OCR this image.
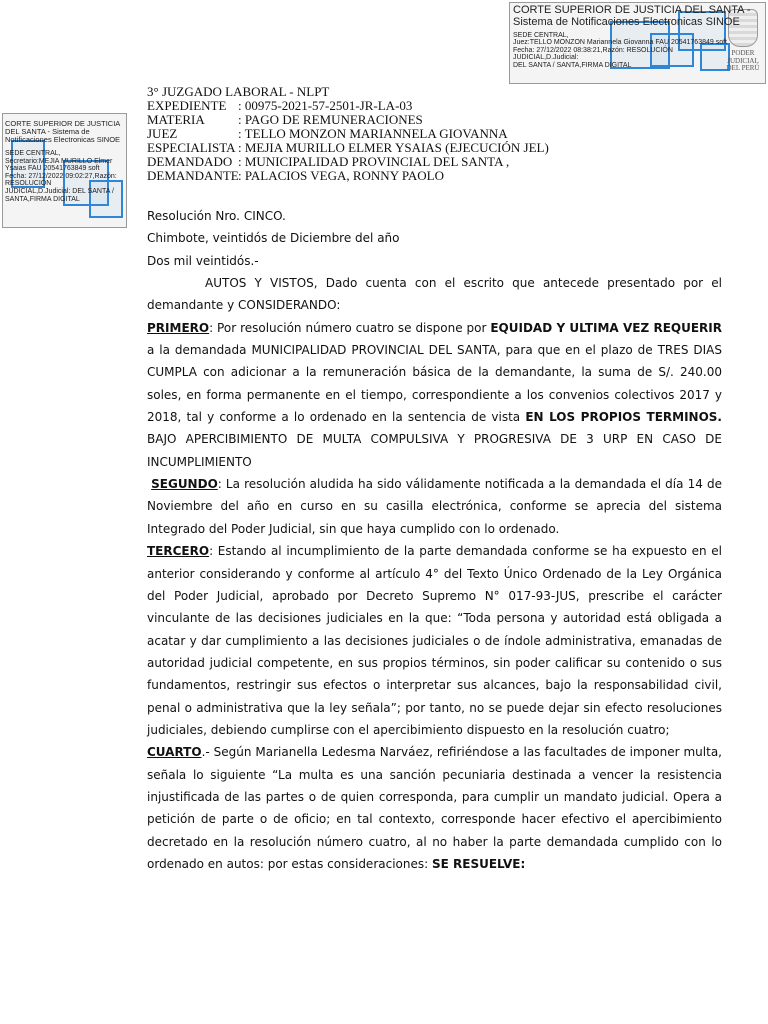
PODER JUDICIAL
DEL PERÚ
CORTE SUPERIOR DE JUSTICIA DEL SANTA -
Sistema de Notificaciones Electronicas SINOE
SEDE CENTRAL,
Juez:TELLO MONZON Mariannela Giovanna FAU 20541763849 soft
Fecha: 27/12/2022 08:38:21,Razón: RESOLUCIÓN JUDICIAL,D.Judicial:
DEL SANTA / SANTA,FIRMA DIGITAL
CORTE SUPERIOR DE JUSTICIA
DEL SANTA - Sistema de
Notificaciones Electronicas SINOE
SEDE CENTRAL,
Secretario:MEJIA MURILLO Elmer
Ysaias FAU 20541763849 soft
Fecha: 27/12/2022 09:02:27,Razón:
RESOLUCIÓN
JUDICIAL,D.Judicial: DEL SANTA /
SANTA,FIRMA DIGITAL
3° JUZGADO LABORAL - NLPT
EXPEDIENTE : 00975-2021-57-2501-JR-LA-03
MATERIA	: PAGO DE REMUNERACIONES
JUEZ	: TELLO MONZON MARIANNELA GIOVANNA
ESPECIALISTA : MEJIA MURILLO ELMER YSAIAS (EJECUCIÓN JEL)
DEMANDADO : MUNICIPALIDAD PROVINCIAL DEL SANTA ,
DEMANDANTE : PALACIOS VEGA, RONNY PAOLO

Resolución Nro. CINCO.

Chimbote, veintidós de Diciembre del año

Dos mil veintidós.-

AUTOS Y VISTOS, Dado cuenta con el escrito que antecede presentado por el demandante y CONSIDERANDO:

PRIMERO: Por resolución número cuatro se dispone por EQUIDAD Y ULTIMA VEZ REQUERIR a la demandada MUNICIPALIDAD PROVINCIAL DEL SANTA, para que en el plazo de TRES DIAS CUMPLA con adicionar a la remuneración básica de la demandante, la suma de S/. 240.00 soles, en forma permanente en el tiempo, correspondiente a los convenios colectivos 2017 y 2018, tal y conforme a lo ordenado en la sentencia de vista EN LOS PROPIOS TERMINOS. BAJO APERCIBIMIENTO DE MULTA COMPULSIVA Y PROGRESIVA DE 3 URP EN CASO DE INCUMPLIMIENTO

SEGUNDO: La resolución aludida ha sido válidamente notificada a la demandada el día 14 de Noviembre del año en curso en su casilla electrónica, conforme se aprecia del sistema Integrado del Poder Judicial, sin que haya cumplido con lo ordenado.

TERCERO: Estando al incumplimiento de la parte demandada conforme se ha expuesto en el anterior considerando y conforme al artículo 4° del Texto Único Ordenado de la Ley Orgánica del Poder Judicial, aprobado por Decreto Supremo N° 017-93-JUS, prescribe el carácter vinculante de las decisiones judiciales en la que: “Toda persona y autoridad está obligada a acatar y dar cumplimiento a las decisiones judiciales o de índole administrativa, emanadas de autoridad judicial competente, en sus propios términos, sin poder calificar su contenido o sus fundamentos, restringir sus efectos o interpretar sus alcances, bajo la responsabilidad civil, penal o administrativa que la ley señala”; por tanto, no se puede dejar sin efecto resoluciones judiciales, debiendo cumplirse con el apercibimiento dispuesto en la resolución cuatro;

CUARTO.- Según Marianella Ledesma Narváez, refiriéndose a las facultades de imponer multa, señala lo siguiente “La multa es una sanción pecuniaria destinada a vencer la resistencia injustificada de las partes o de quien corresponda, para cumplir un mandato judicial. Opera a petición de parte o de oficio; en tal contexto, corresponde hacer efectivo el apercibimiento decretado en la resolución número cuatro, al no haber la parte demandada cumplido con lo ordenado en autos: por estas consideraciones: SE RESUELVE:
